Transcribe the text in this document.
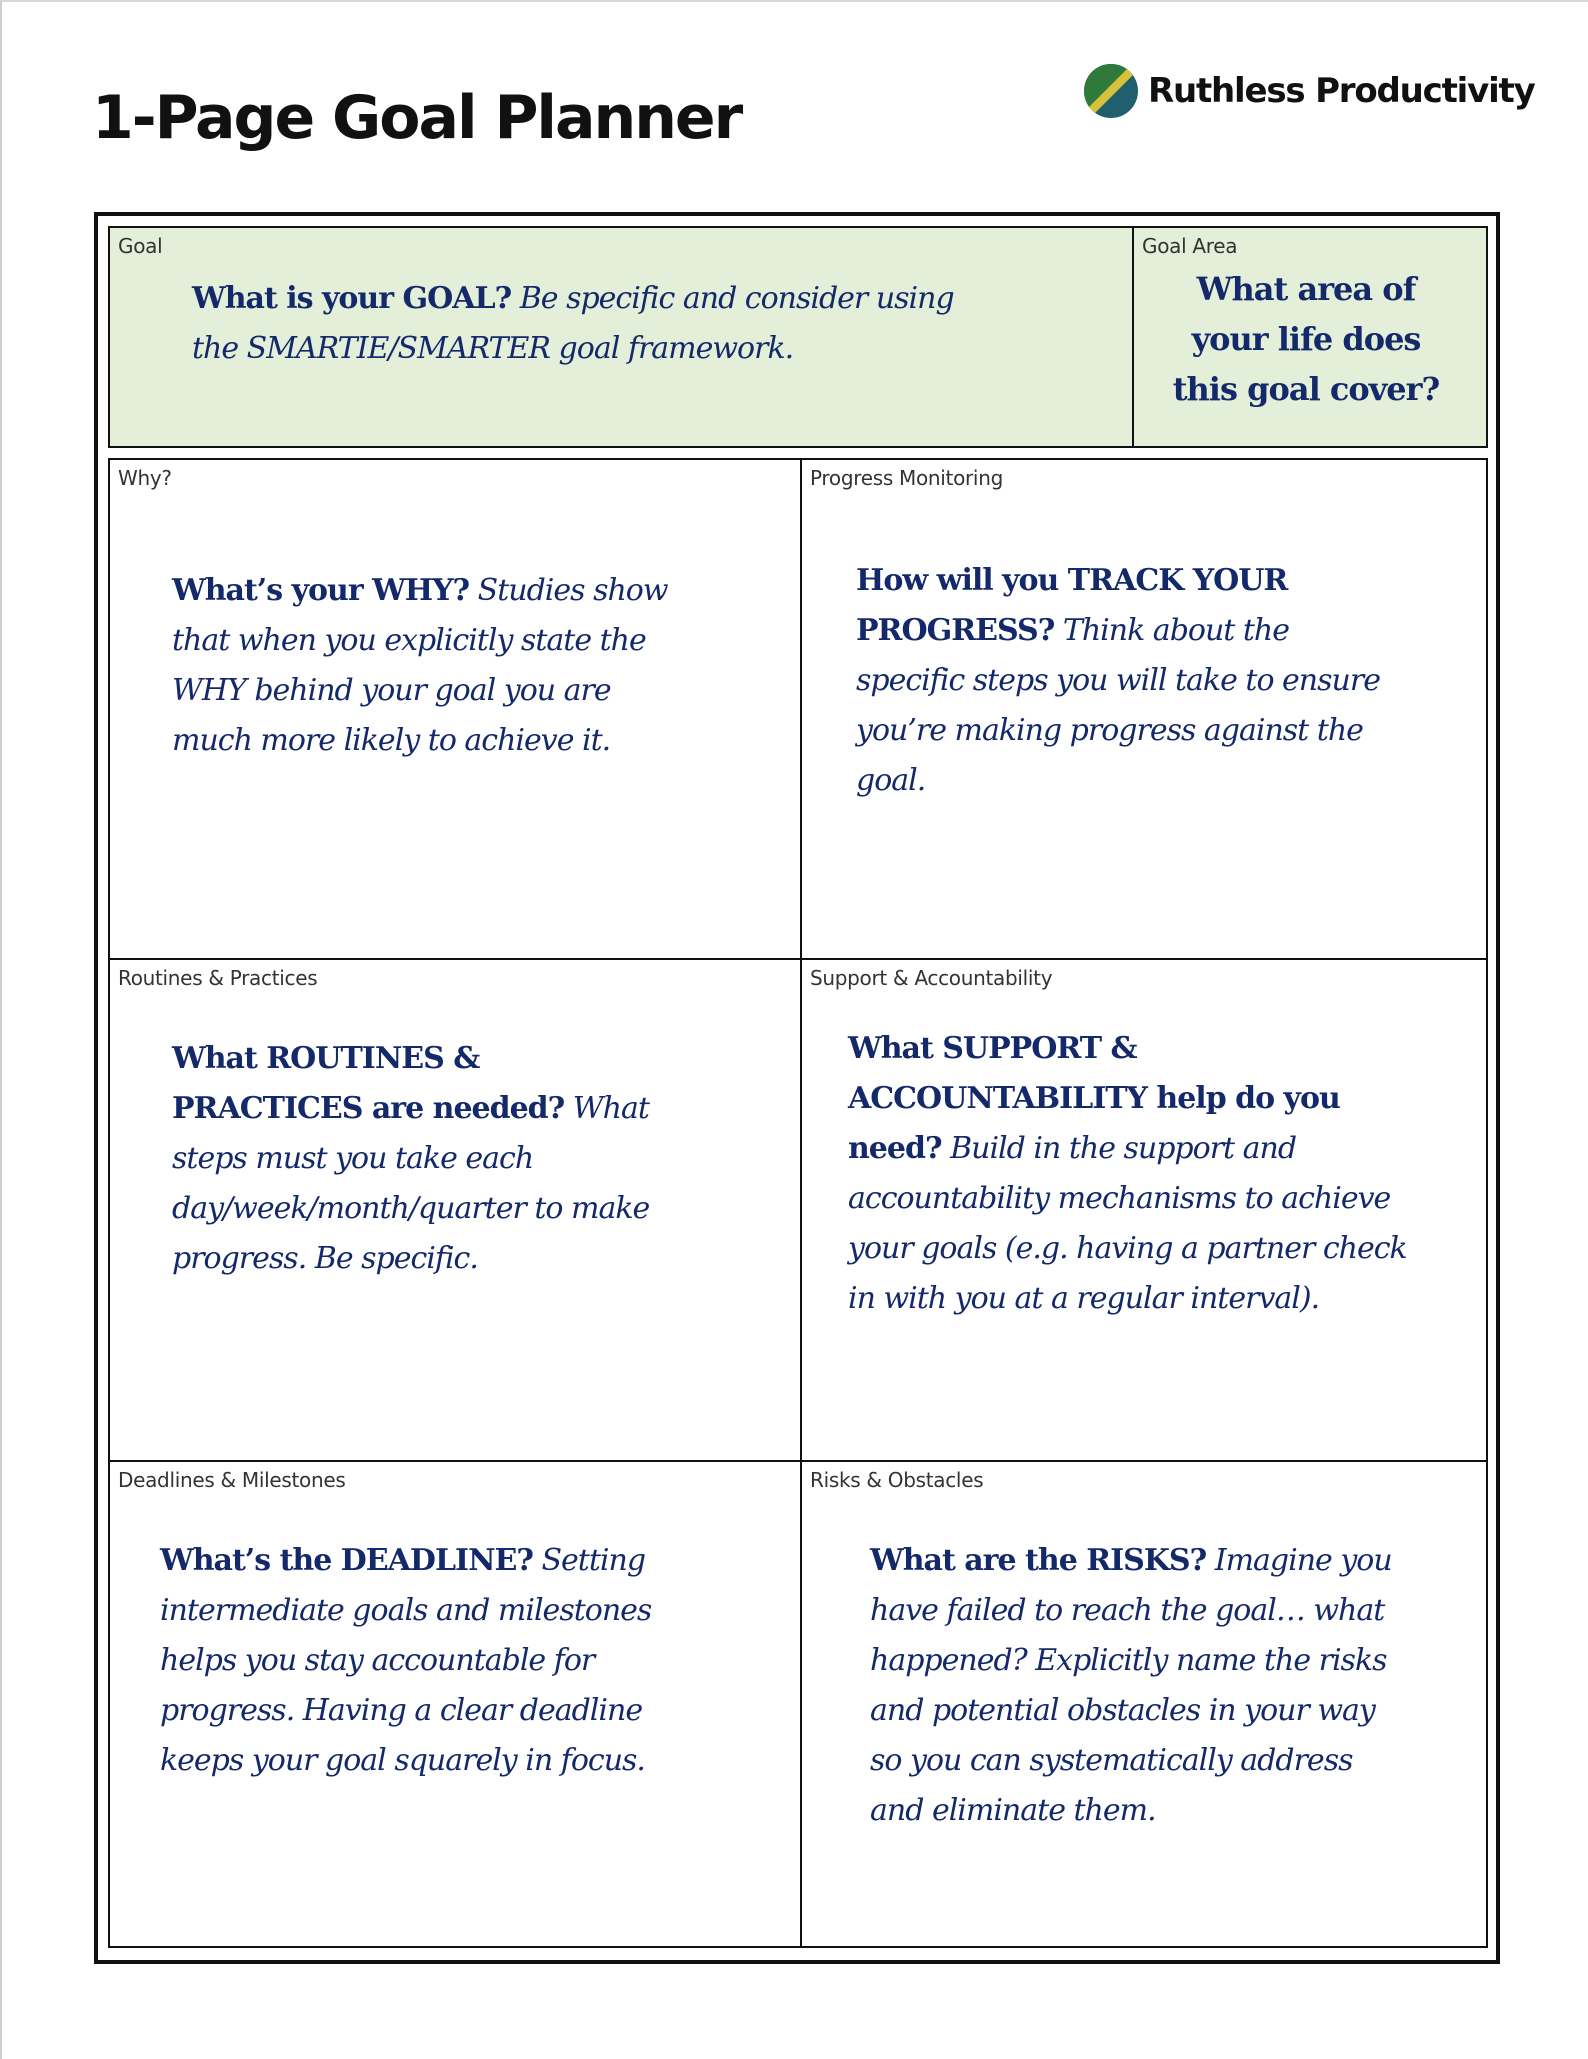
1-Page Goal Planner	Ruthless Productivity
Goal
What is your GOAL? Be specific and consider using the SMARTIE/SMARTER goal framework.
Goal Area
What area of your life does this goal cover?
Why?
What’s your WHY? Studies show that when you explicitly state the WHY behind your goal you are much more likely to achieve it.
Progress Monitoring
How will you TRACK YOUR PROGRESS? Think about the specific steps you will take to ensure you’re making progress against the goal.
Routines & Practices
What ROUTINES & PRACTICES are needed? What steps must you take each day/week/month/quarter to make progress. Be specific.
Support & Accountability
What SUPPORT & ACCOUNTABILITY help do you need? Build in the support and accountability mechanisms to achieve your goals (e.g. having a partner check in with you at a regular interval).
Deadlines & Milestones
What’s the DEADLINE? Setting intermediate goals and milestones helps you stay accountable for progress. Having a clear deadline keeps your goal squarely in focus.
Risks & Obstacles
What are the RISKS? Imagine you have failed to reach the goal… what happened? Explicitly name the risks and potential obstacles in your way so you can systematically address and eliminate them.
